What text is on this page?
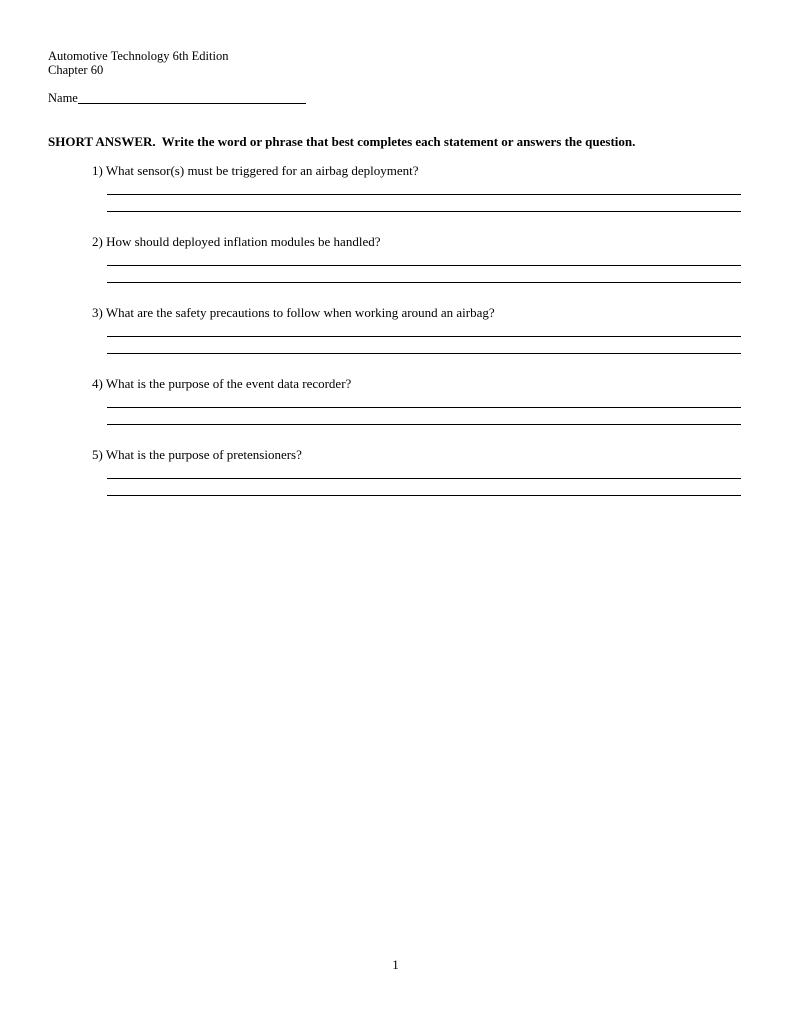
Automotive Technology 6th Edition
Chapter 60
Name
SHORT ANSWER. Write the word or phrase that best completes each statement or answers the question.
1) What sensor(s) must be triggered for an airbag deployment?
2) How should deployed inflation modules be handled?
3) What are the safety precautions to follow when working around an airbag?
4) What is the purpose of the event data recorder?
5) What is the purpose of pretensioners?
1
